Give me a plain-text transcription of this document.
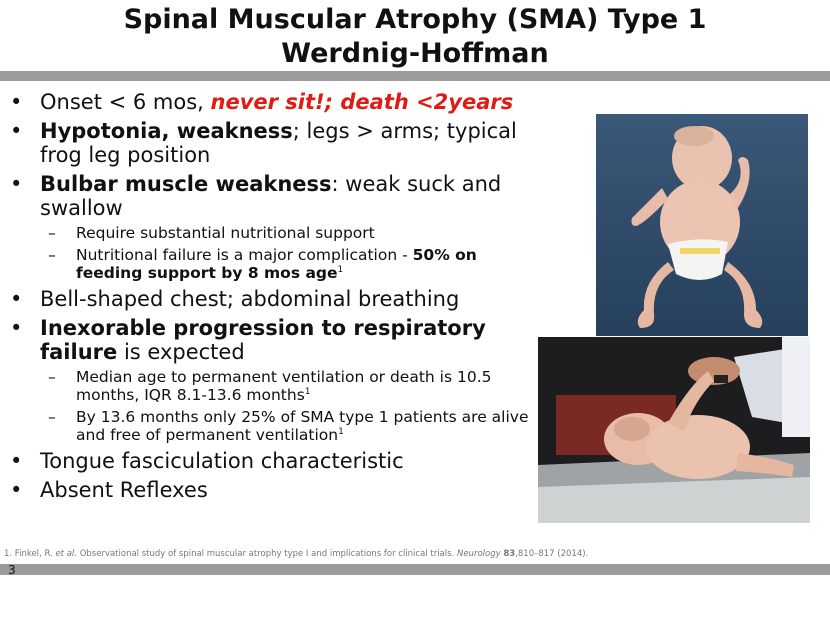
Spinal Muscular Atrophy (SMA) Type 1
Werdnig-Hoffman
• Onset < 6 mos, never sit!; death <2years
• Hypotonia, weakness; legs > arms; typical frog leg position
• Bulbar muscle weakness: weak suck and swallow
– Require substantial nutritional support
– Nutritional failure is a major complication - 50% on feeding support by 8 mos age$^1$
• Bell-shaped chest; abdominal breathing
• Inexorable progression to respiratory failure is expected
– Median age to permanent ventilation or death is 10.5 months, IQR 8.1-13.6 months$^1$
– By 13.6 months only 25% of SMA type 1 patients are alive and free of permanent ventilation$^1$
• Tongue fasciculation characteristic
• Absent Reflexes
1. Finkel, R. et al. Observational study of spinal muscular atrophy type I and implications for clinical trials. Neurology 83,810–817 (2014).
3
